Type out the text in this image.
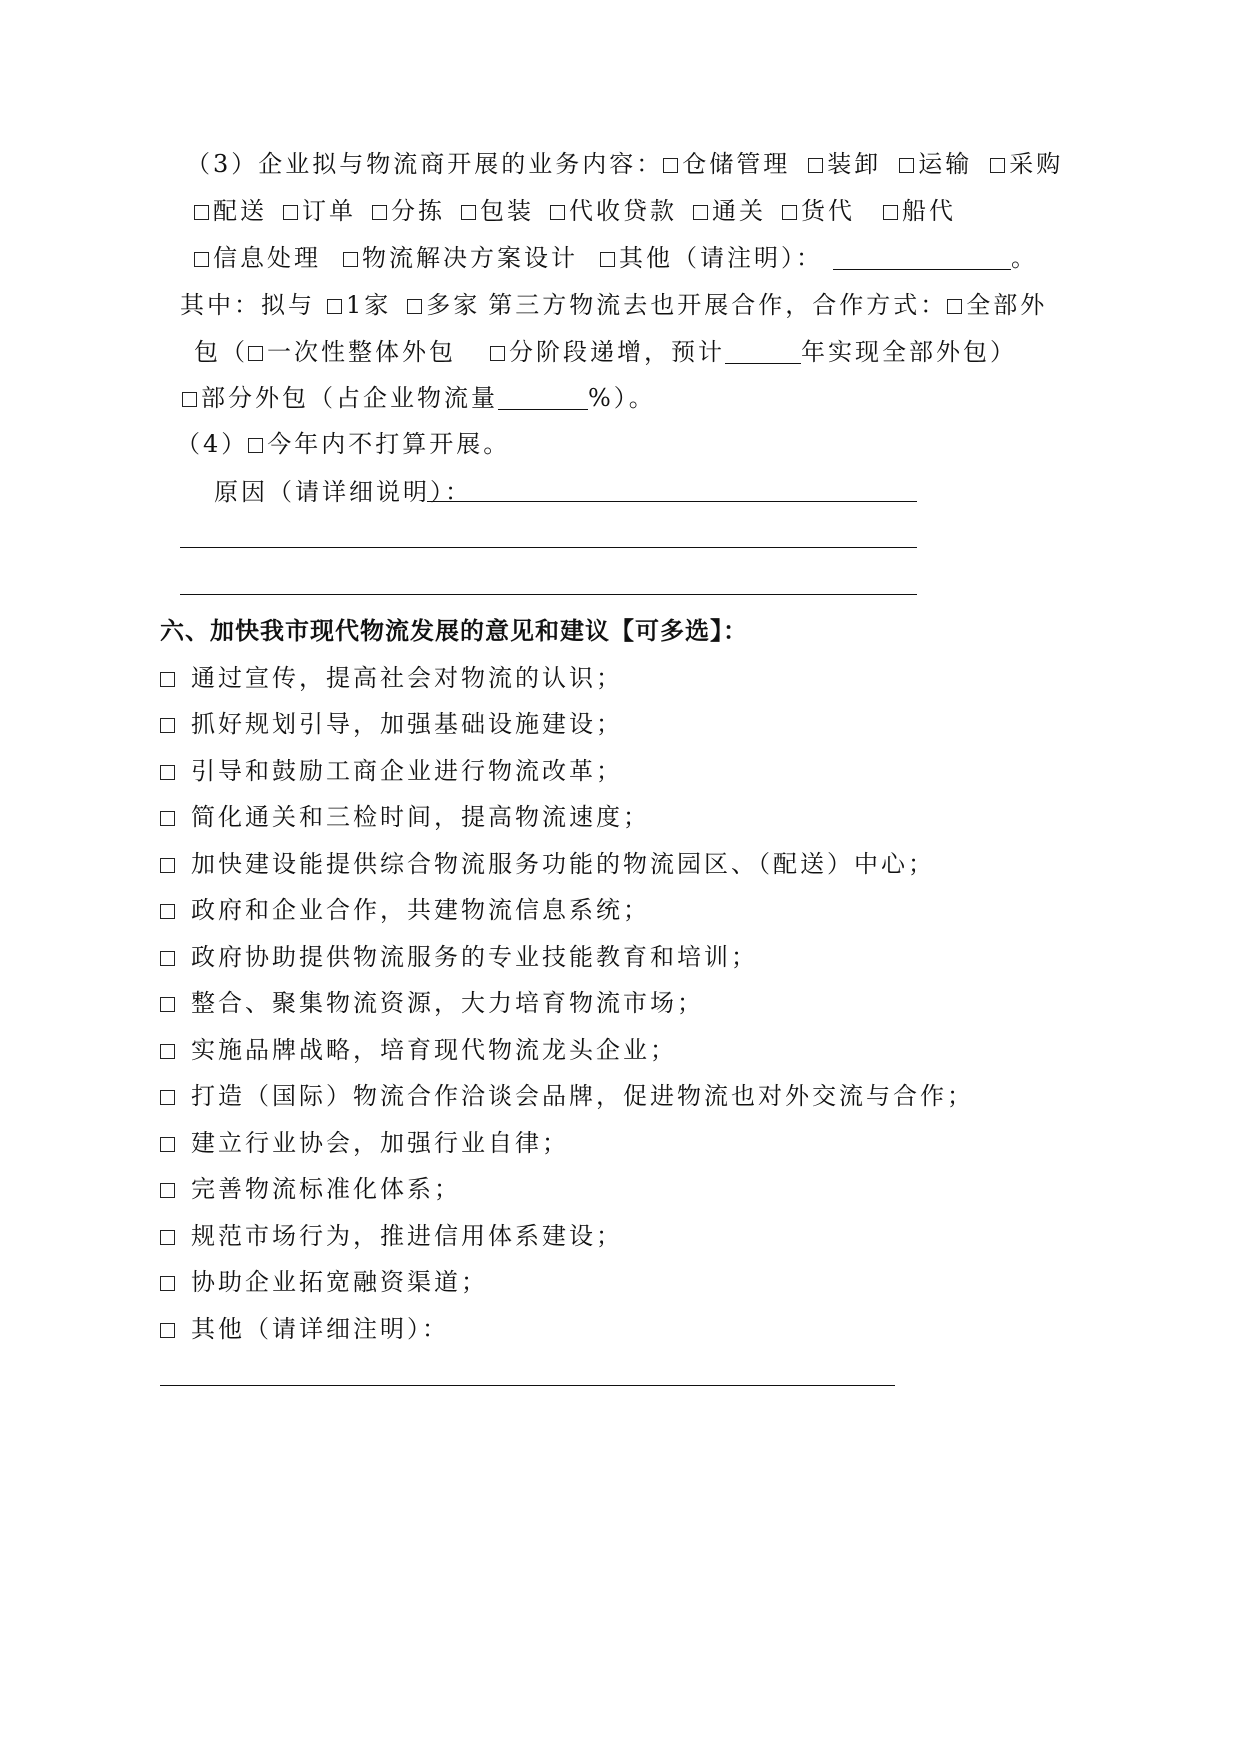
（3）企业拟与物流商开展的业务内容： 仓储管理 装卸 运输 采购
配送 订单 分拣 包装 代收贷款 通关 货代 船代
信息处理 物流解决方案设计 其他（请注明）：	。
其中：拟与 1家 多家 第三方物流去也开展合作，合作方式： 全部外
包（ 一次性整体外包 分阶段递增，预计	年实现全部外包）
部分外包（占企业物流量	%）。
（4） 今年内不打算开展。
原因（请详细说明）：
六、加快我市现代物流发展的意见和建议【可多选】：
通过宣传，提高社会对物流的认识；
抓好规划引导，加强基础设施建设；
引导和鼓励工商企业进行物流改革；
简化通关和三检时间，提高物流速度；
加快建设能提供综合物流服务功能的物流园区、（配送）中心；
政府和企业合作，共建物流信息系统；
政府协助提供物流服务的专业技能教育和培训；
整合、聚集物流资源，大力培育物流市场；
实施品牌战略，培育现代物流龙头企业；
打造（国际）物流合作洽谈会品牌，促进物流也对外交流与合作；
建立行业协会，加强行业自律；
完善物流标准化体系；
规范市场行为，推进信用体系建设；
协助企业拓宽融资渠道；
其他（请详细注明）：
